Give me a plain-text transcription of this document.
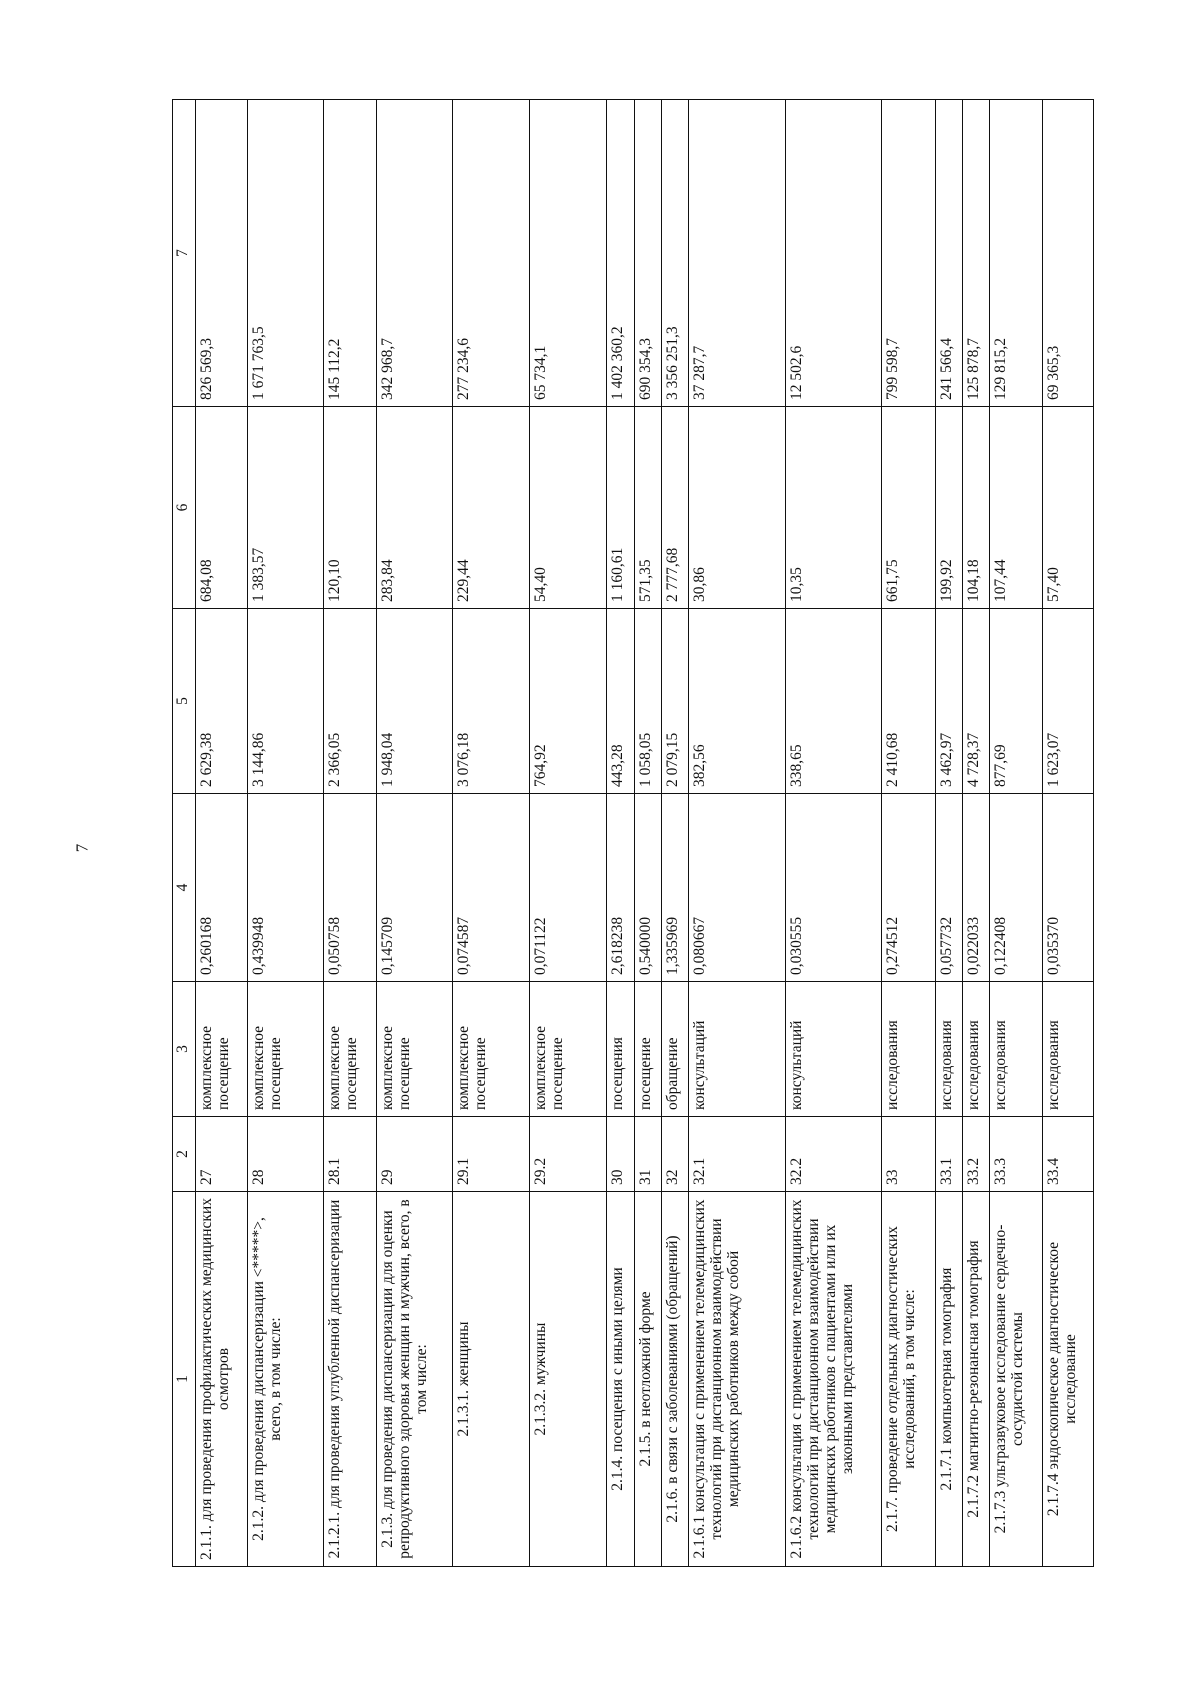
7
1	2	3	4	5	6	7
2.1.1. для проведения профилактических медицинских осмотров	27	комплексное посещение	0,260168	2 629,38	684,08	826 569,3
2.1.2. для проведения диспансеризации <*****>, всего, в том числе:	28	комплексное посещение	0,439948	3 144,86	1 383,57	1 671 763,5
2.1.2.1. для проведения углубленной диспансеризации	28.1	комплексное посещение	0,050758	2 366,05	120,10	145 112,2
2.1.3. для проведения диспансеризации для оценки репродуктивного здоровья женщин и мужчин, всего, в том числе:	29	комплексное посещение	0,145709	1 948,04	283,84	342 968,7
2.1.3.1. женщины	29.1	комплексное посещение	0,074587	3 076,18	229,44	277 234,6
2.1.3.2. мужчины	29.2	комплексное посещение	0,071122	764,92	54,40	65 734,1
2.1.4. посещения с иными целями	30	посещения	2,618238	443,28	1 160,61	1 402 360,2
2.1.5. в неотложной форме	31	посещение	0,540000	1 058,05	571,35	690 354,3
2.1.6. в связи с заболеваниями (обращений)	32	обращение	1,335969	2 079,15	2 777,68	3 356 251,3
2.1.6.1 консультация с применением телемедицинских технологий при дистанционном взаимодействии медицинских работников между собой	32.1	консультаций	0,080667	382,56	30,86	37 287,7
2.1.6.2 консультация с применением телемедицинских технологий при дистанционном взаимодействии медицинских работников с пациентами или их законными представителями	32.2	консультаций	0,030555	338,65	10,35	12 502,6
2.1.7. проведение отдельных диагностических исследований, в том числе:	33	исследования	0,274512	2 410,68	661,75	799 598,7
2.1.7.1 компьютерная томография	33.1	исследования	0,057732	3 462,97	199,92	241 566,4
2.1.7.2 магнитно-резонансная томография	33.2	исследования	0,022033	4 728,37	104,18	125 878,7
2.1.7.3 ультразвуковое исследование сердечно-сосудистой системы	33.3	исследования	0,122408	877,69	107,44	129 815,2
2.1.7.4 эндоскопическое диагностическое исследование	33.4	исследования	0,035370	1 623,07	57,40	69 365,3
